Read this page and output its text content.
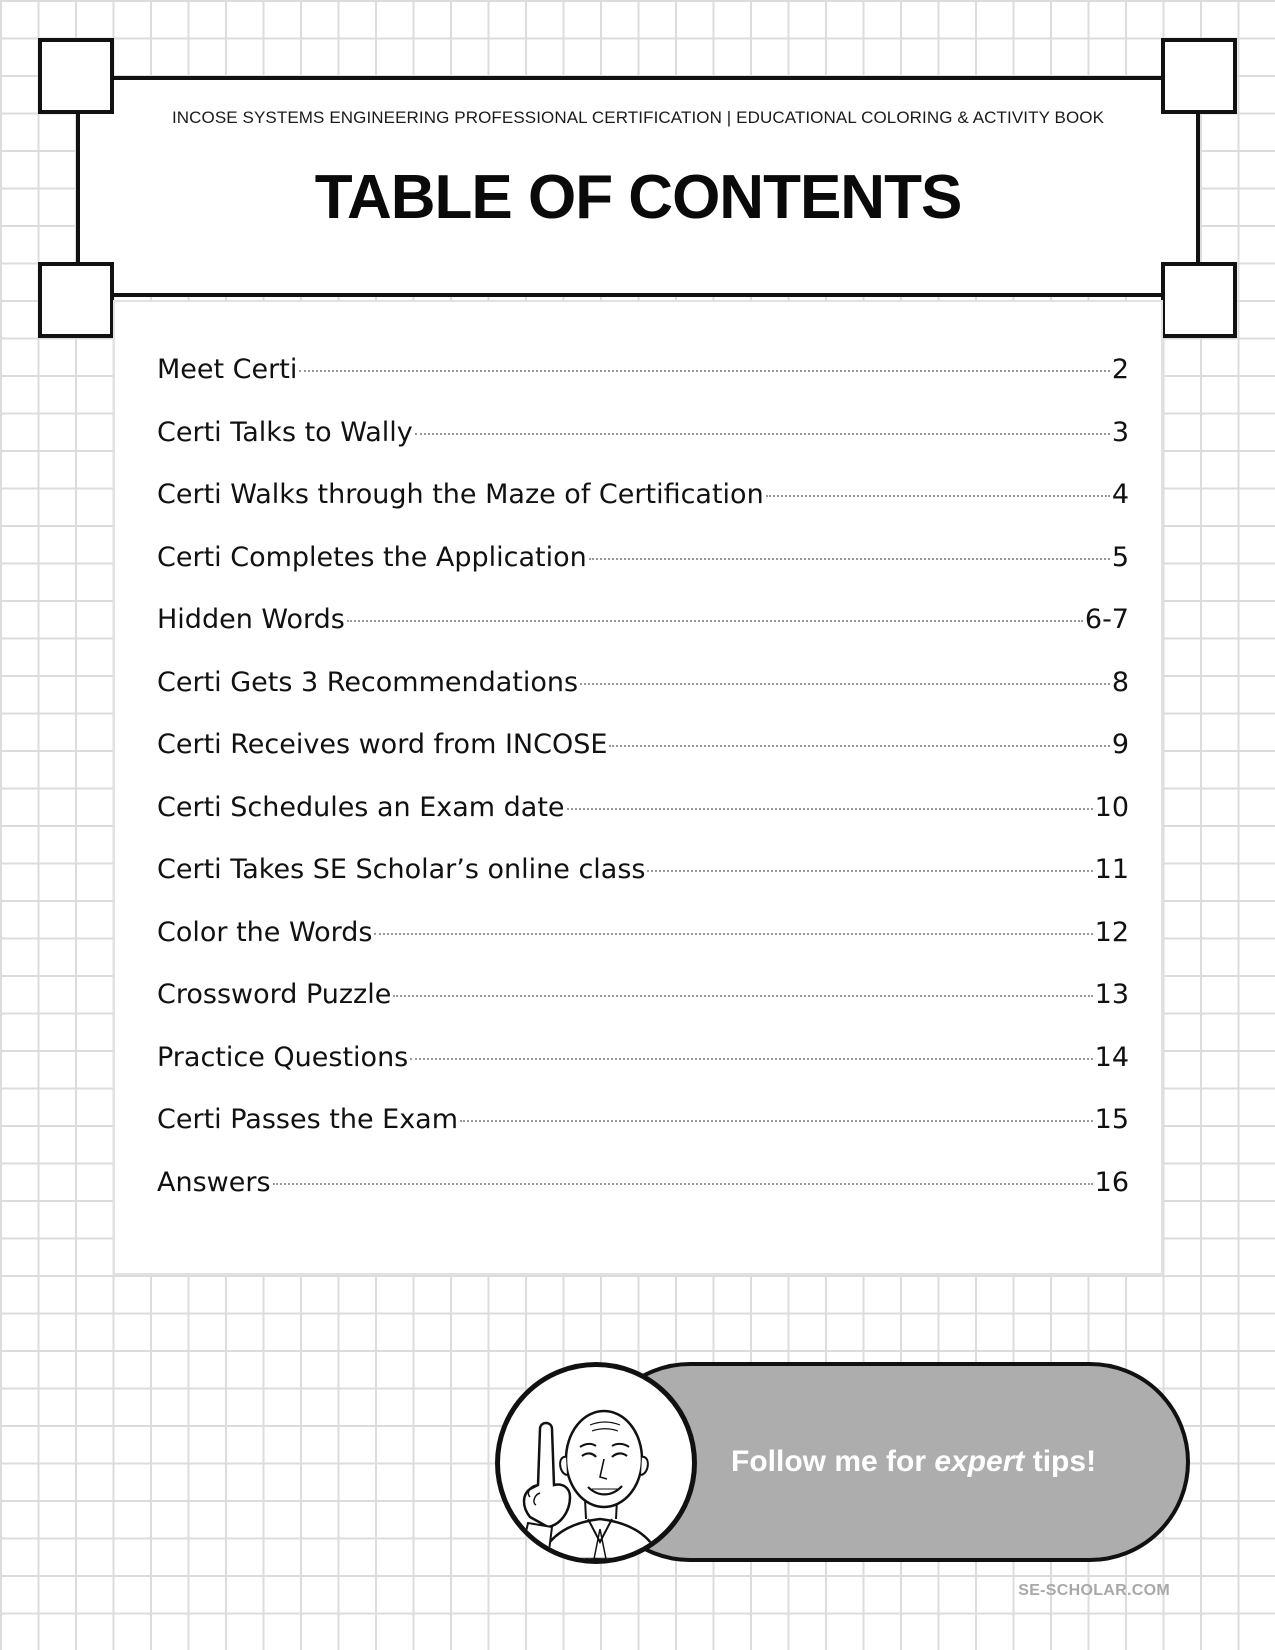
INCOSE SYSTEMS ENGINEERING PROFESSIONAL CERTIFICATION | EDUCATIONAL COLORING & ACTIVITY BOOK
TABLE OF CONTENTS
Meet Certi	2
Certi Talks to Wally	3
Certi Walks through the Maze of Certification	4
Certi Completes the Application	5
Hidden Words	6-7
Certi Gets 3 Recommendations	8
Certi Receives word from INCOSE	9
Certi Schedules an Exam date	10
Certi Takes SE Scholar’s online class	11
Color the Words	12
Crossword Puzzle	13
Practice Questions	14
Certi Passes the Exam	15
Answers	16
Follow me for
expert
tips!
SE-SCHOLAR.COM
